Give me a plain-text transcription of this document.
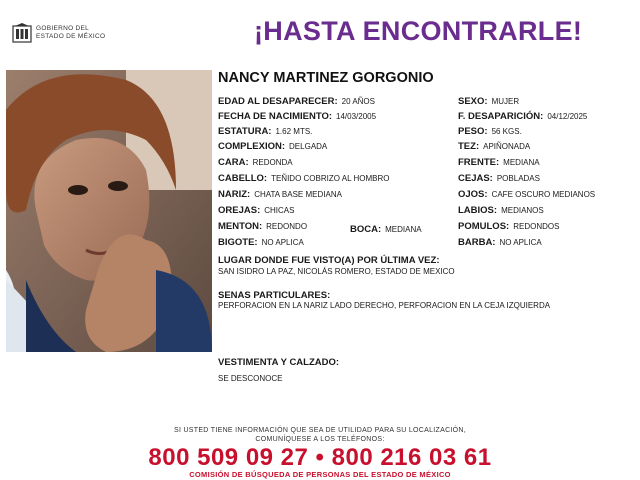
GOBIERNO DEL
ESTADO DE MÉXICO	¡HASTA ENCONTRARLE!
NANCY MARTINEZ GORGONIO
EDAD AL DESAPARECER: 20 AÑOS
FECHA DE NACIMIENTO: 14/03/2005
ESTATURA: 1.62 MTS.
COMPLEXION: DELGADA
CARA: REDONDA
CABELLO: TEÑIDO COBRIZO AL HOMBRO
NARIZ: CHATA BASE MEDIANA
OREJAS: CHICAS
MENTON: REDONDO	BOCA: MEDIANA
BIGOTE: NO APLICA
SEXO: MUJER
F. DESAPARICIÓN: 04/12/2025
PESO: 56 KGS.
TEZ: APIÑONADA
FRENTE: MEDIANA
CEJAS: POBLADAS
OJOS: CAFE OSCURO MEDIANOS
LABIOS: MEDIANOS
POMULOS: REDONDOS
BARBA: NO APLICA
LUGAR DONDE FUE VISTO(A) POR ÚLTIMA VEZ:
SAN ISIDRO LA PAZ, NICOLÁS ROMERO, ESTADO DE MEXICO
SENAS PARTICULARES:
PERFORACION EN LA NARIZ LADO DERECHO, PERFORACION EN LA CEJA IZQUIERDA
VESTIMENTA Y CALZADO:
SE DESCONOCE
SI USTED TIENE INFORMACIÓN QUE SEA DE UTILIDAD PARA SU LOCALIZACIÓN,
COMUNÍQUESE A LOS TELÉFONOS:
800 509 09 27 • 800 216 03 61
COMISIÓN DE BÚSQUEDA DE PERSONAS DEL ESTADO DE MÉXICO
